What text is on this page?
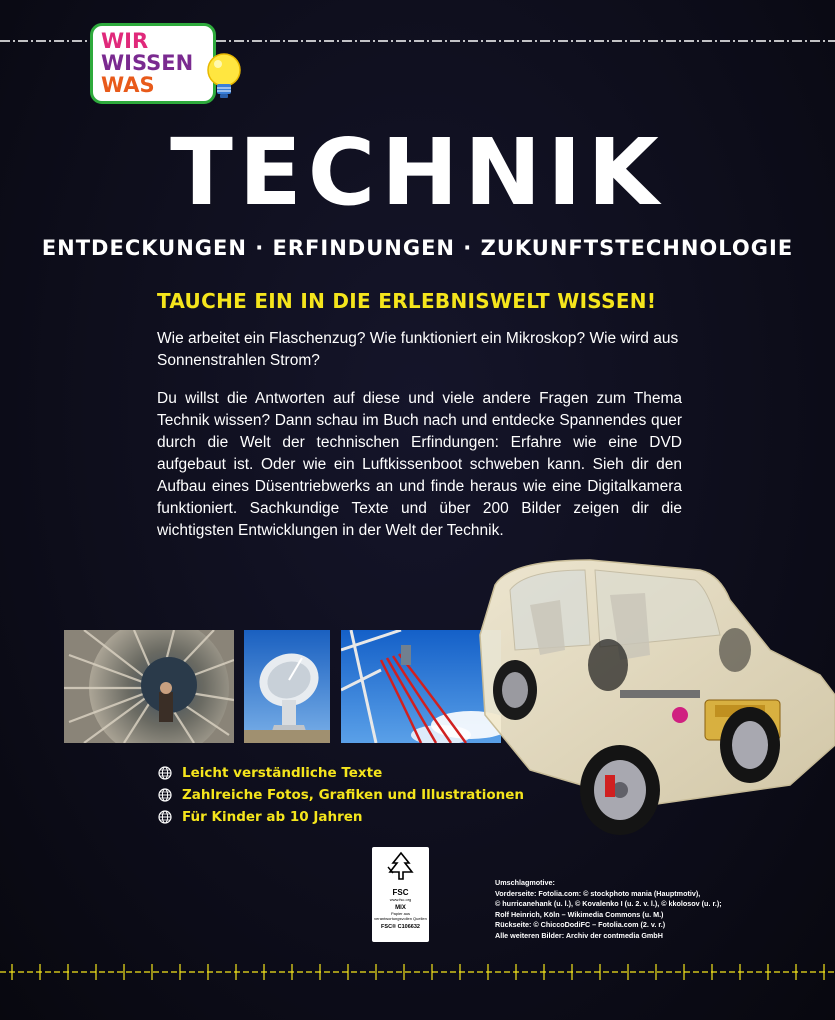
WIR
WISSEN
WAS
TECHNIK
ENTDECKUNGEN · ERFINDUNGEN · ZUKUNFTSTECHNOLOGIE
TAUCHE EIN IN DIE ERLEBNISWELT WISSEN!

Wie arbeitet ein Flaschenzug? Wie funktioniert ein Mikroskop? Wie wird aus Sonnenstrahlen Strom?

Du willst die Antworten auf diese und viele andere Fragen zum Thema Technik wissen? Dann schau im Buch nach und entdecke Spannendes quer durch die Welt der technischen Erfindungen: Erfahre wie eine DVD aufgebaut ist. Oder wie ein Luftkissenboot schweben kann. Sieh dir den Aufbau eines Düsentriebwerks an und finde heraus wie eine Digitalkamera funktioniert. Sachkundige Texte und über 200 Bilder zeigen dir die wichtigsten Entwicklungen in der Welt der Technik.

Leicht verständliche Texte
Zahlreiche Fotos, Grafiken und Illustrationen
Für Kinder ab 10 Jahren
FSC
www.fsc.org
MIX
Papier aus verantwortungsvollen Quellen
FSC® C106632
Umschlagmotive:
Vorderseite: Fotolia.com: © stockphoto mania (Hauptmotiv),
© hurricanehank (u. l.), © Kovalenko I (u. 2. v. l.), © kkolosov (u. r.);
Rolf Heinrich, Köln – Wikimedia Commons (u. M.)
Rückseite: © ChiccoDodiFC – Fotolia.com (2. v. r.)
Alle weiteren Bilder: Archiv der contmedia GmbH
